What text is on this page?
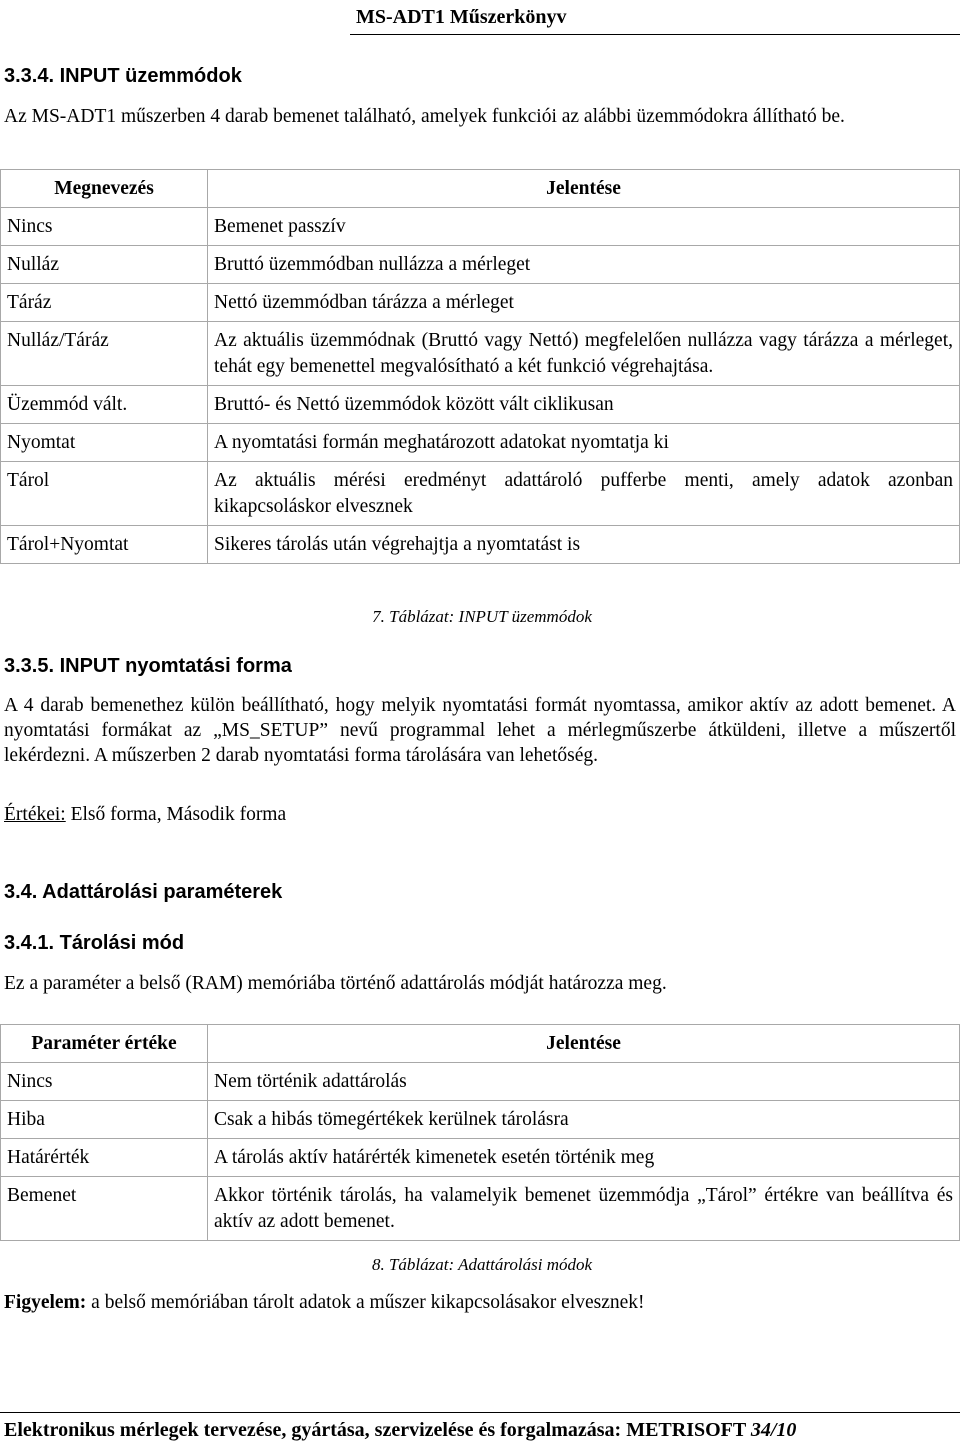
MS-ADT1 Műszerkönyv
3.3.4. INPUT üzemmódok
Az MS-ADT1 műszerben 4 darab bemenet található, amelyek funkciói az alábbi üzemmódokra állítható be.
Megnevezés	Jelentése
Nincs	Bemenet passzív
Nulláz	Bruttó üzemmódban nullázza a mérleget
Táráz	Nettó üzemmódban tárázza a mérleget
Nulláz/Táráz	Az aktuális üzemmódnak (Bruttó vagy Nettó) megfelelően nullázza vagy tárázza a mérleget, tehát egy bemenettel megvalósítható a két funkció végrehajtása.
Üzemmód vált.	Bruttó- és Nettó üzemmódok között vált ciklikusan
Nyomtat	A nyomtatási formán meghatározott adatokat nyomtatja ki
Tárol	Az aktuális mérési eredményt adattároló pufferbe menti, amely adatok azonban kikapcsoláskor elvesznek
Tárol+Nyomtat	Sikeres tárolás után végrehajtja a nyomtatást is
7. Táblázat: INPUT üzemmódok
3.3.5. INPUT nyomtatási forma
A 4 darab bemenethez külön beállítható, hogy melyik nyomtatási formát nyomtassa, amikor aktív az adott bemenet. A nyomtatási formákat az „MS_SETUP” nevű programmal lehet a mérlegműszerbe átküldeni, illetve a műszertől lekérdezni. A műszerben 2 darab nyomtatási forma tárolására van lehetőség.
Értékei: Első forma, Második forma
3.4. Adattárolási paraméterek
3.4.1. Tárolási mód
Ez a paraméter a belső (RAM) memóriába történő adattárolás módját határozza meg.
Paraméter értéke	Jelentése
Nincs	Nem történik adattárolás
Hiba	Csak a hibás tömegértékek kerülnek tárolásra
Határérték	A tárolás aktív határérték kimenetek esetén történik meg
Bemenet	Akkor történik tárolás, ha valamelyik bemenet üzemmódja „Tárol” értékre van beállítva és aktív az adott bemenet.
8. Táblázat: Adattárolási módok
Figyelem: a belső memóriában tárolt adatok a műszer kikapcsolásakor elvesznek!
Elektronikus mérlegek tervezése, gyártása, szervizelése és forgalmazása: METRISOFT 34/10
